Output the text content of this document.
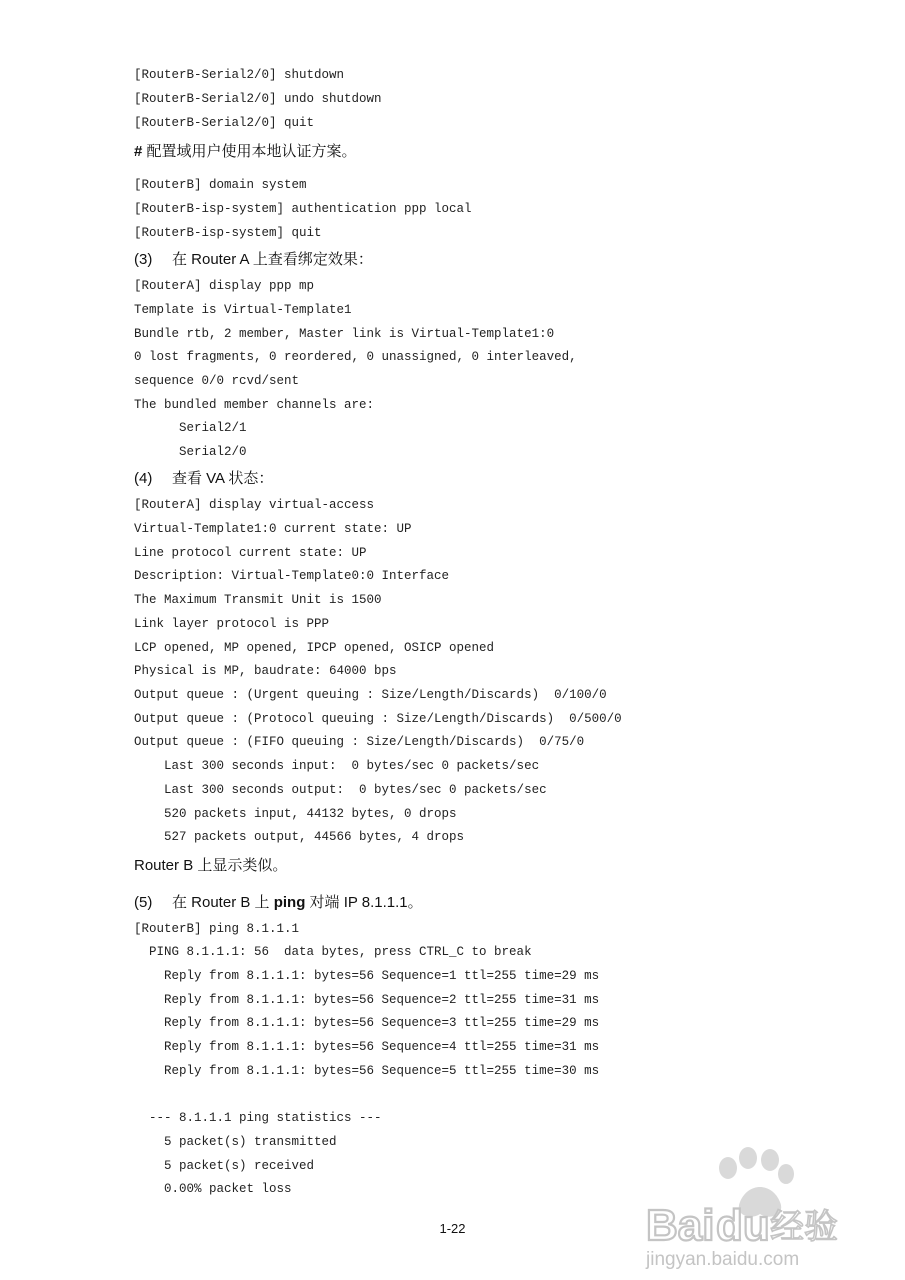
[RouterB-Serial2/0] shutdown
[RouterB-Serial2/0] undo shutdown
[RouterB-Serial2/0] quit
# 配置域用户使用本地认证方案。
[RouterB] domain system
[RouterB-isp-system] authentication ppp local
[RouterB-isp-system] quit
(3) 在 Router A 上查看绑定效果：
[RouterA] display ppp mp
Template is Virtual-Template1
Bundle rtb, 2 member, Master link is Virtual-Template1:0
0 lost fragments, 0 reordered, 0 unassigned, 0 interleaved,
sequence 0/0 rcvd/sent
The bundled member channels are:
Serial2/1
Serial2/0
(4) 查看 VA 状态：
[RouterA] display virtual-access
Virtual-Template1:0 current state: UP
Line protocol current state: UP
Description: Virtual-Template0:0 Interface
The Maximum Transmit Unit is 1500
Link layer protocol is PPP
LCP opened, MP opened, IPCP opened, OSICP opened
Physical is MP, baudrate: 64000 bps
Output queue : (Urgent queuing : Size/Length/Discards)  0/100/0
Output queue : (Protocol queuing : Size/Length/Discards)  0/500/0
Output queue : (FIFO queuing : Size/Length/Discards)  0/75/0
Last 300 seconds input:  0 bytes/sec 0 packets/sec
Last 300 seconds output:  0 bytes/sec 0 packets/sec
520 packets input, 44132 bytes, 0 drops
527 packets output, 44566 bytes, 4 drops
Router B 上显示类似。
(5) 在 Router B 上 ping 对端 IP 8.1.1.1。
[RouterB] ping 8.1.1.1
PING 8.1.1.1: 56  data bytes, press CTRL_C to break
Reply from 8.1.1.1: bytes=56 Sequence=1 ttl=255 time=29 ms
Reply from 8.1.1.1: bytes=56 Sequence=2 ttl=255 time=31 ms
Reply from 8.1.1.1: bytes=56 Sequence=3 ttl=255 time=29 ms
Reply from 8.1.1.1: bytes=56 Sequence=4 ttl=255 time=31 ms
Reply from 8.1.1.1: bytes=56 Sequence=5 ttl=255 time=30 ms
--- 8.1.1.1 ping statistics ---
5 packet(s) transmitted
5 packet(s) received
0.00% packet loss
1-22	Bai du 经验
jingyan.baidu.com
